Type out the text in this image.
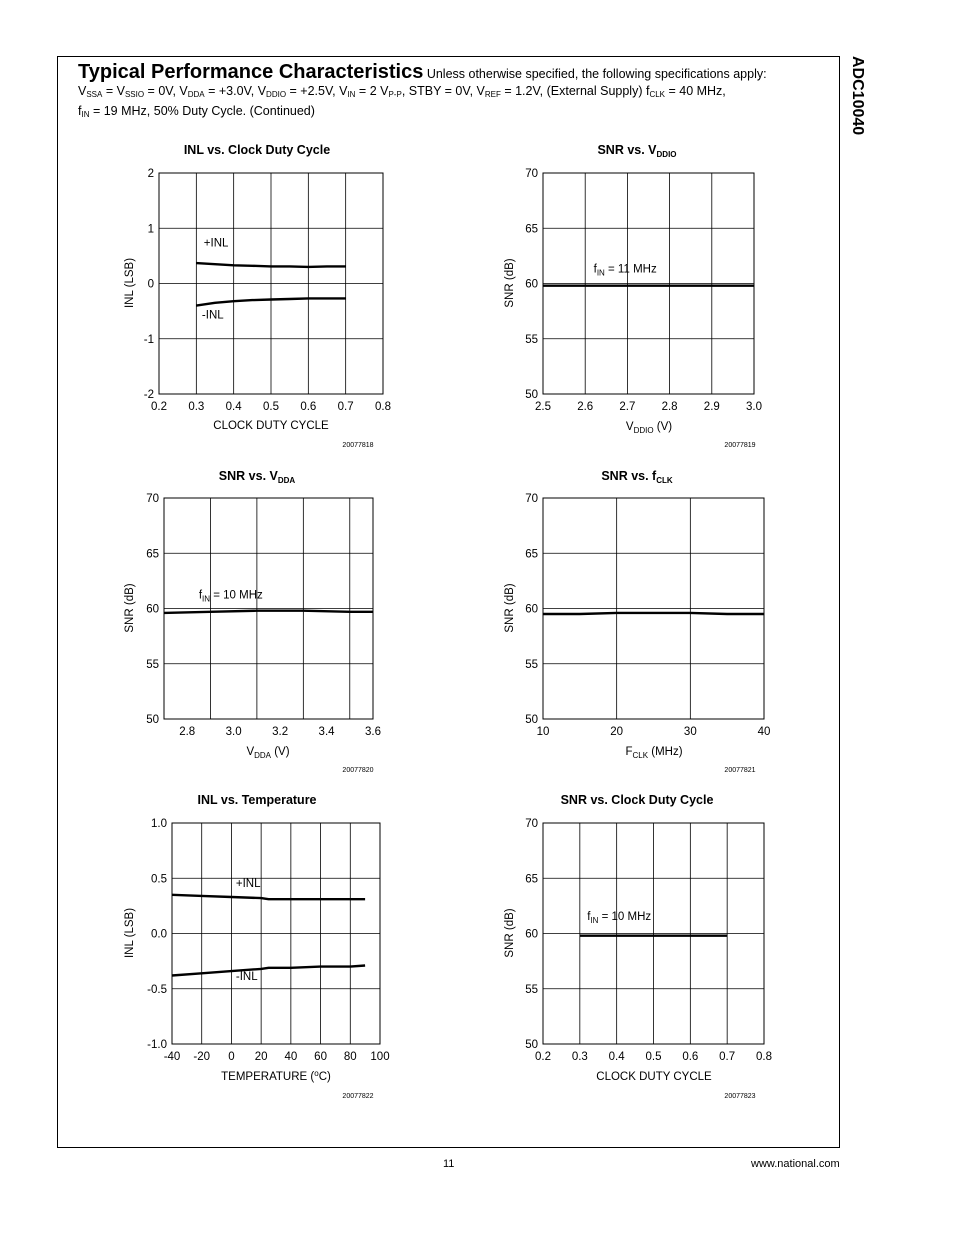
ADC10040
Typical Performance Characteristics Unless otherwise specified, the following specifications apply:
$V_{SSA} = V_{SSIO} = 0V$, $V_{DDA} = +3.0V$, $V_{DDIO} = +2.5V$, $V_{IN} = 2$ $V_{P-P}$, STBY = 0V, $V_{REF} = 1.2V$, (External Supply) $f_{CLK} = 40$ MHz,
$f_{IN} = 19$ MHz, 50% Duty Cycle. (Continued)
0.2 0.3 0.4 0.5 0.6 0.7 0.8
-2
-1
0
1
2
INL vs. Clock Duty Cycle
CLOCK DUTY CYCLE
INL (LSB)
20077818
+INL
-INL
2.5 2.6 2.7 2.8 2.9 3.0
50
55
60
65
70
SNR vs. $V_{DDIO}$
$V_{DDIO}$ (V)
SNR (dB)
20077819
$f_{IN} = 11$ MHz
2.8	3.0	3.2	3.4	3.6
50
55
60
65
70
SNR vs. $V_{DDA}$
$V_{DDA}$ (V)
SNR (dB)
20077820
$f_{IN} = 10$ MHz
10	20	30	40
50
55
60
65
70
SNR vs. $f_{CLK}$
$F_{CLK}$ (MHz)
SNR (dB)
20077821
-40 -20 0 20 40 60 80 100
-1.0
-0.5
0.0
0.5
1.0
INL vs. Temperature
TEMPERATURE ($^o$C)
INL (LSB)
20077822
+INL
-INL
0.2 0.3 0.4 0.5 0.6 0.7 0.8
50
55
60
65
70
SNR vs. Clock Duty Cycle
CLOCK DUTY CYCLE
SNR (dB)
20077823
$f_{IN} = 10$ MHz
11	www.national.com
